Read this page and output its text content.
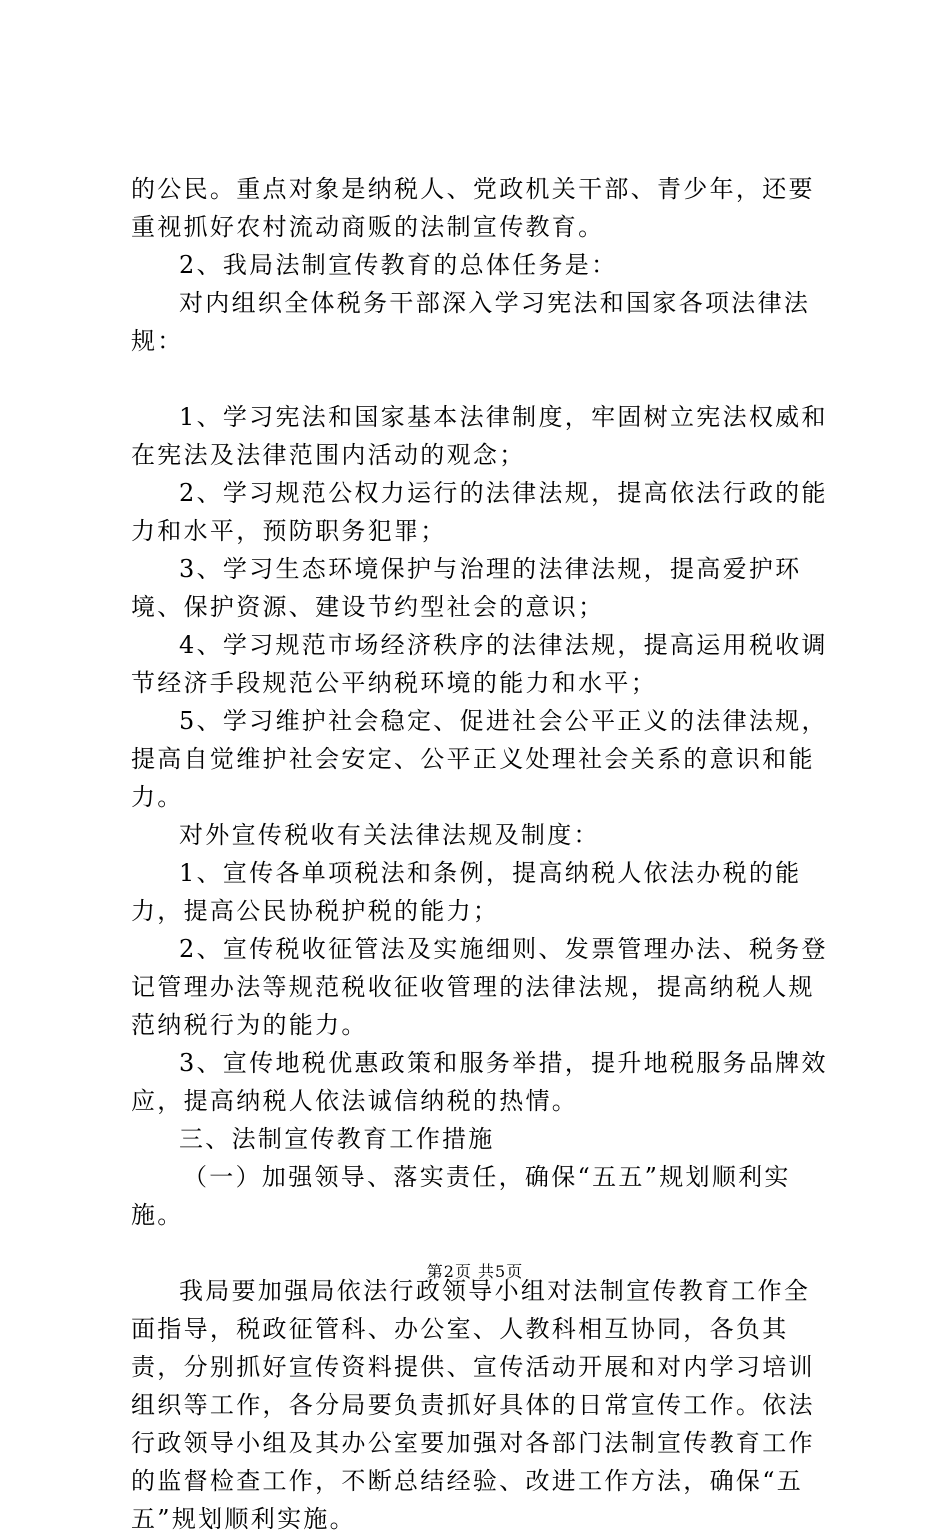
的公民。重点对象是纳税人、党政机关干部、青少年，还要重视抓好农村流动商贩的法制宣传教育。

2、我局法制宣传教育的总体任务是：

对内组织全体税务干部深入学习宪法和国家各项法律法规：

1、学习宪法和国家基本法律制度，牢固树立宪法权威和在宪法及法律范围内活动的观念；

2、学习规范公权力运行的法律法规，提高依法行政的能力和水平，预防职务犯罪；

3、学习生态环境保护与治理的法律法规，提高爱护环境、保护资源、建设节约型社会的意识；

4、学习规范市场经济秩序的法律法规，提高运用税收调节经济手段规范公平纳税环境的能力和水平；

5、学习维护社会稳定、促进社会公平正义的法律法规，提高自觉维护社会安定、公平正义处理社会关系的意识和能力。

对外宣传税收有关法律法规及制度：

1、宣传各单项税法和条例，提高纳税人依法办税的能力，提高公民协税护税的能力；

2、宣传税收征管法及实施细则、发票管理办法、税务登记管理办法等规范税收征收管理的法律法规，提高纳税人规范纳税行为的能力。

3、宣传地税优惠政策和服务举措，提升地税服务品牌效应，提高纳税人依法诚信纳税的热情。

三、法制宣传教育工作措施

（一）加强领导、落实责任，确保“五五”规划顺利实施。

我局要加强局依法行政领导小组对法制宣传教育工作全面指导，税政征管科、办公室、人教科相互协同，各负其责，分别抓好宣传资料提供、宣传活动开展和对内学习培训组织等工作，各分局要负责抓好具体的日常宣传工作。依法行政领导小组及其办公室要加强对各部门法制宣传教育工作的监督检查工作，不断总结经验、改进工作方法，确保“五五”规划顺利实施。

第2页 共5页
